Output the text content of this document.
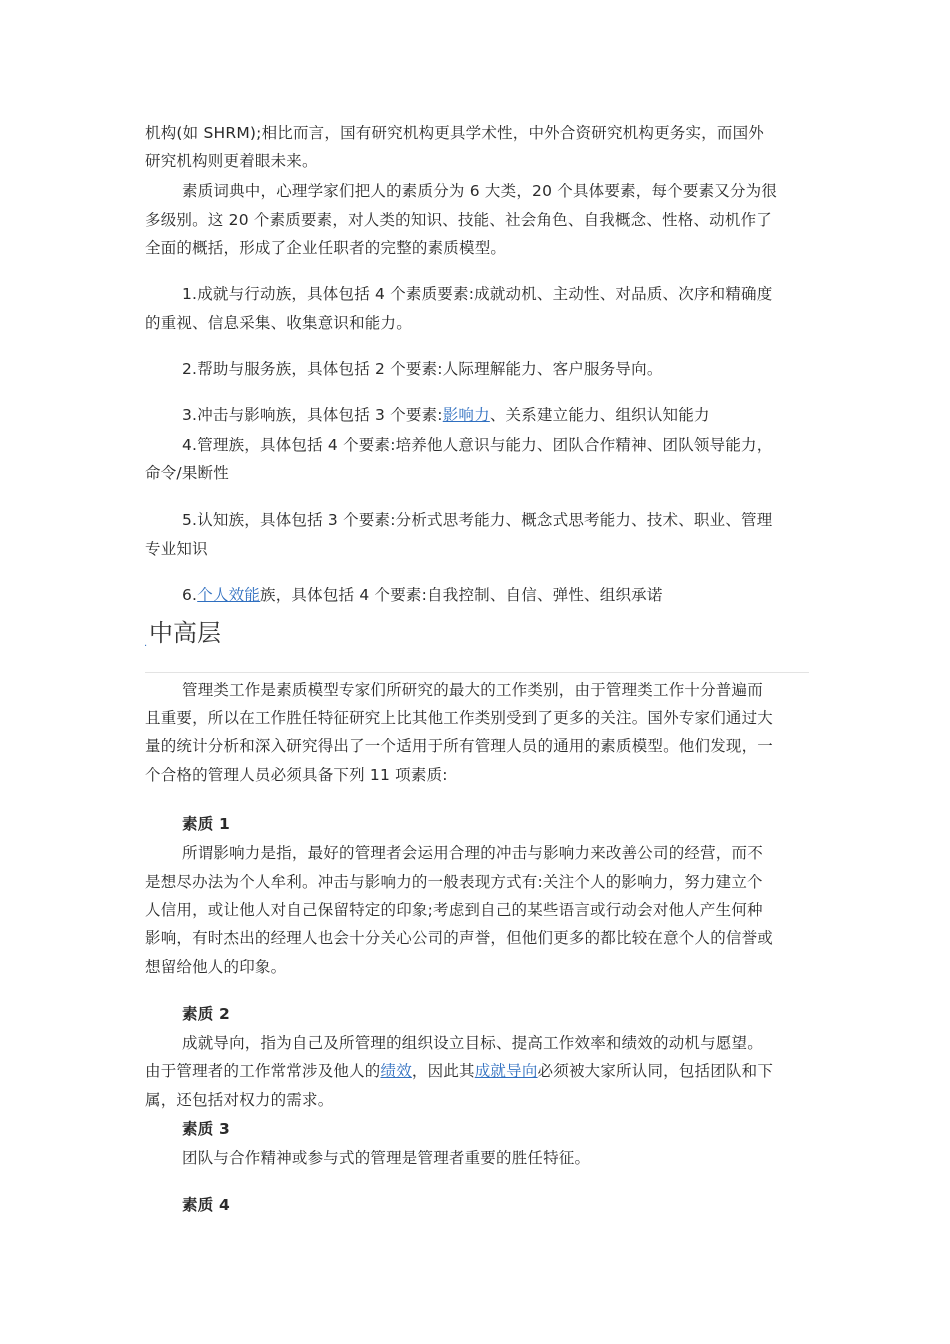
机构(如 SHRM);相比而言，国有研究机构更具学术性，中外合资研究机构更务实，而国外
研究机构则更着眼未来。
素质词典中，心理学家们把人的素质分为 6 大类，20 个具体要素，每个要素又分为很
多级别。这 20 个素质要素，对人类的知识、技能、社会角色、自我概念、性格、动机作了
全面的概括，形成了企业任职者的完整的素质模型。
1.成就与行动族，具体包括 4 个素质要素:成就动机、主动性、对品质、次序和精确度
的重视、信息采集、收集意识和能力。
2.帮助与服务族，具体包括 2 个要素:人际理解能力、客户服务导向。
3.冲击与影响族，具体包括 3 个要素:影响力、关系建立能力、组织认知能力
4.管理族，具体包括 4 个要素:培养他人意识与能力、团队合作精神、团队领导能力，
命令/果断性
5.认知族，具体包括 3 个要素:分析式思考能力、概念式思考能力、技术、职业、管理
专业知识
6.个人效能族，具体包括 4 个要素:自我控制、自信、弹性、组织承诺
. 中高层
管理类工作是素质模型专家们所研究的最大的工作类别，由于管理类工作十分普遍而
且重要，所以在工作胜任特征研究上比其他工作类别受到了更多的关注。国外专家们通过大
量的统计分析和深入研究得出了一个适用于所有管理人员的通用的素质模型。他们发现，一
个合格的管理人员必须具备下列 11 项素质:
素质 1
所谓影响力是指，最好的管理者会运用合理的冲击与影响力来改善公司的经营，而不
是想尽办法为个人牟利。冲击与影响力的一般表现方式有:关注个人的影响力，努力建立个
人信用，或让他人对自己保留特定的印象;考虑到自己的某些语言或行动会对他人产生何种
影响，有时杰出的经理人也会十分关心公司的声誉，但他们更多的都比较在意个人的信誉或
想留给他人的印象。
素质 2
成就导向，指为自己及所管理的组织设立目标、提高工作效率和绩效的动机与愿望。
由于管理者的工作常常涉及他人的绩效，因此其成就导向必须被大家所认同，包括团队和下
属，还包括对权力的需求。
素质 3
团队与合作精神或参与式的管理是管理者重要的胜任特征。
素质 4
